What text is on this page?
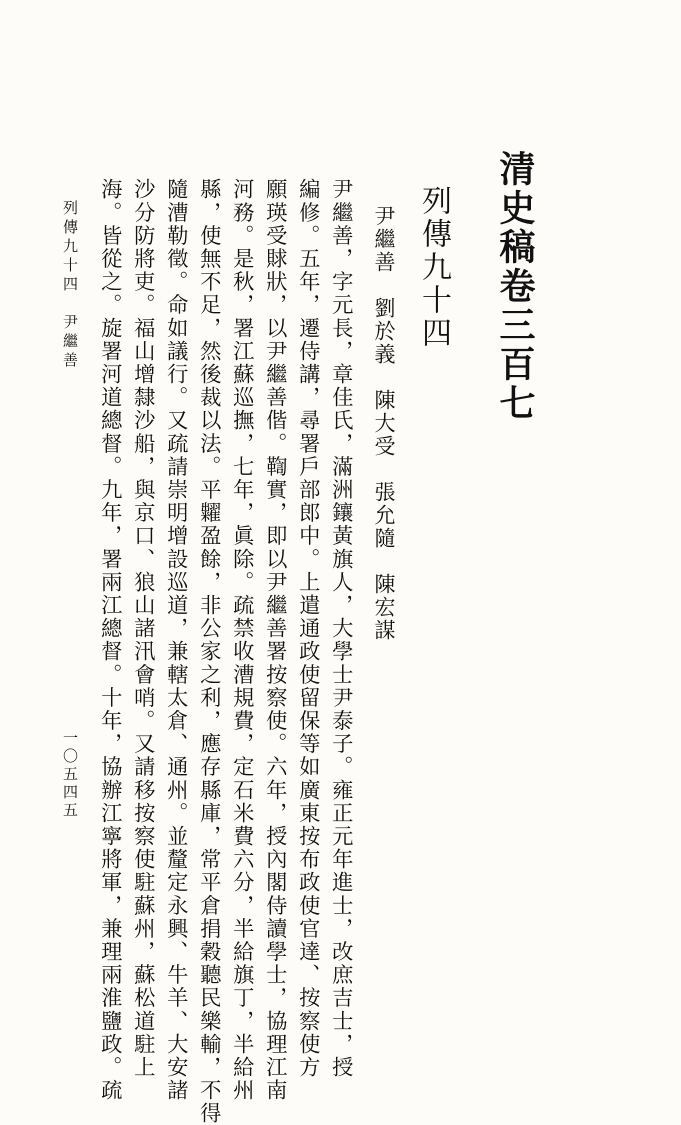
清史稿卷三百七
列傳九十四
尹繼善　劉於義　陳大受　張允隨　陳宏謀
尹繼善，字元長，章佳氏，滿洲鑲黃旗人，大學士尹泰子。雍正元年進士，改庶吉士，授
編修。五年，遷侍講，尋署戶部郎中。上遣通政使留保等如廣東按布政使官達、按察使方
願瑛受賕狀，以尹繼善偕。鞫實，即以尹繼善署按察使。六年，授內閣侍讀學士，協理江南
河務。是秋，署江蘇巡撫，七年，眞除。疏禁收漕規費，定石米費六分，半給旗丁，半給州
縣，使無不足，然後裁以法。平糶盈餘，非公家之利，應存縣庫，常平倉捐穀聽民樂輸，不得
隨漕勒徵。命如議行。又疏請崇明增設巡道，兼轄太倉、通州。並釐定永興、牛羊、大安諸
沙分防將吏。福山增隸沙船，與京口、狼山諸汛會哨。又請移按察使駐蘇州，蘇松道駐上
海。皆從之。旋署河道總督。九年，署兩江總督。十年，協辦江寧將軍，兼理兩淮鹽政。疏
列傳九十四　尹繼善
一〇五四五
